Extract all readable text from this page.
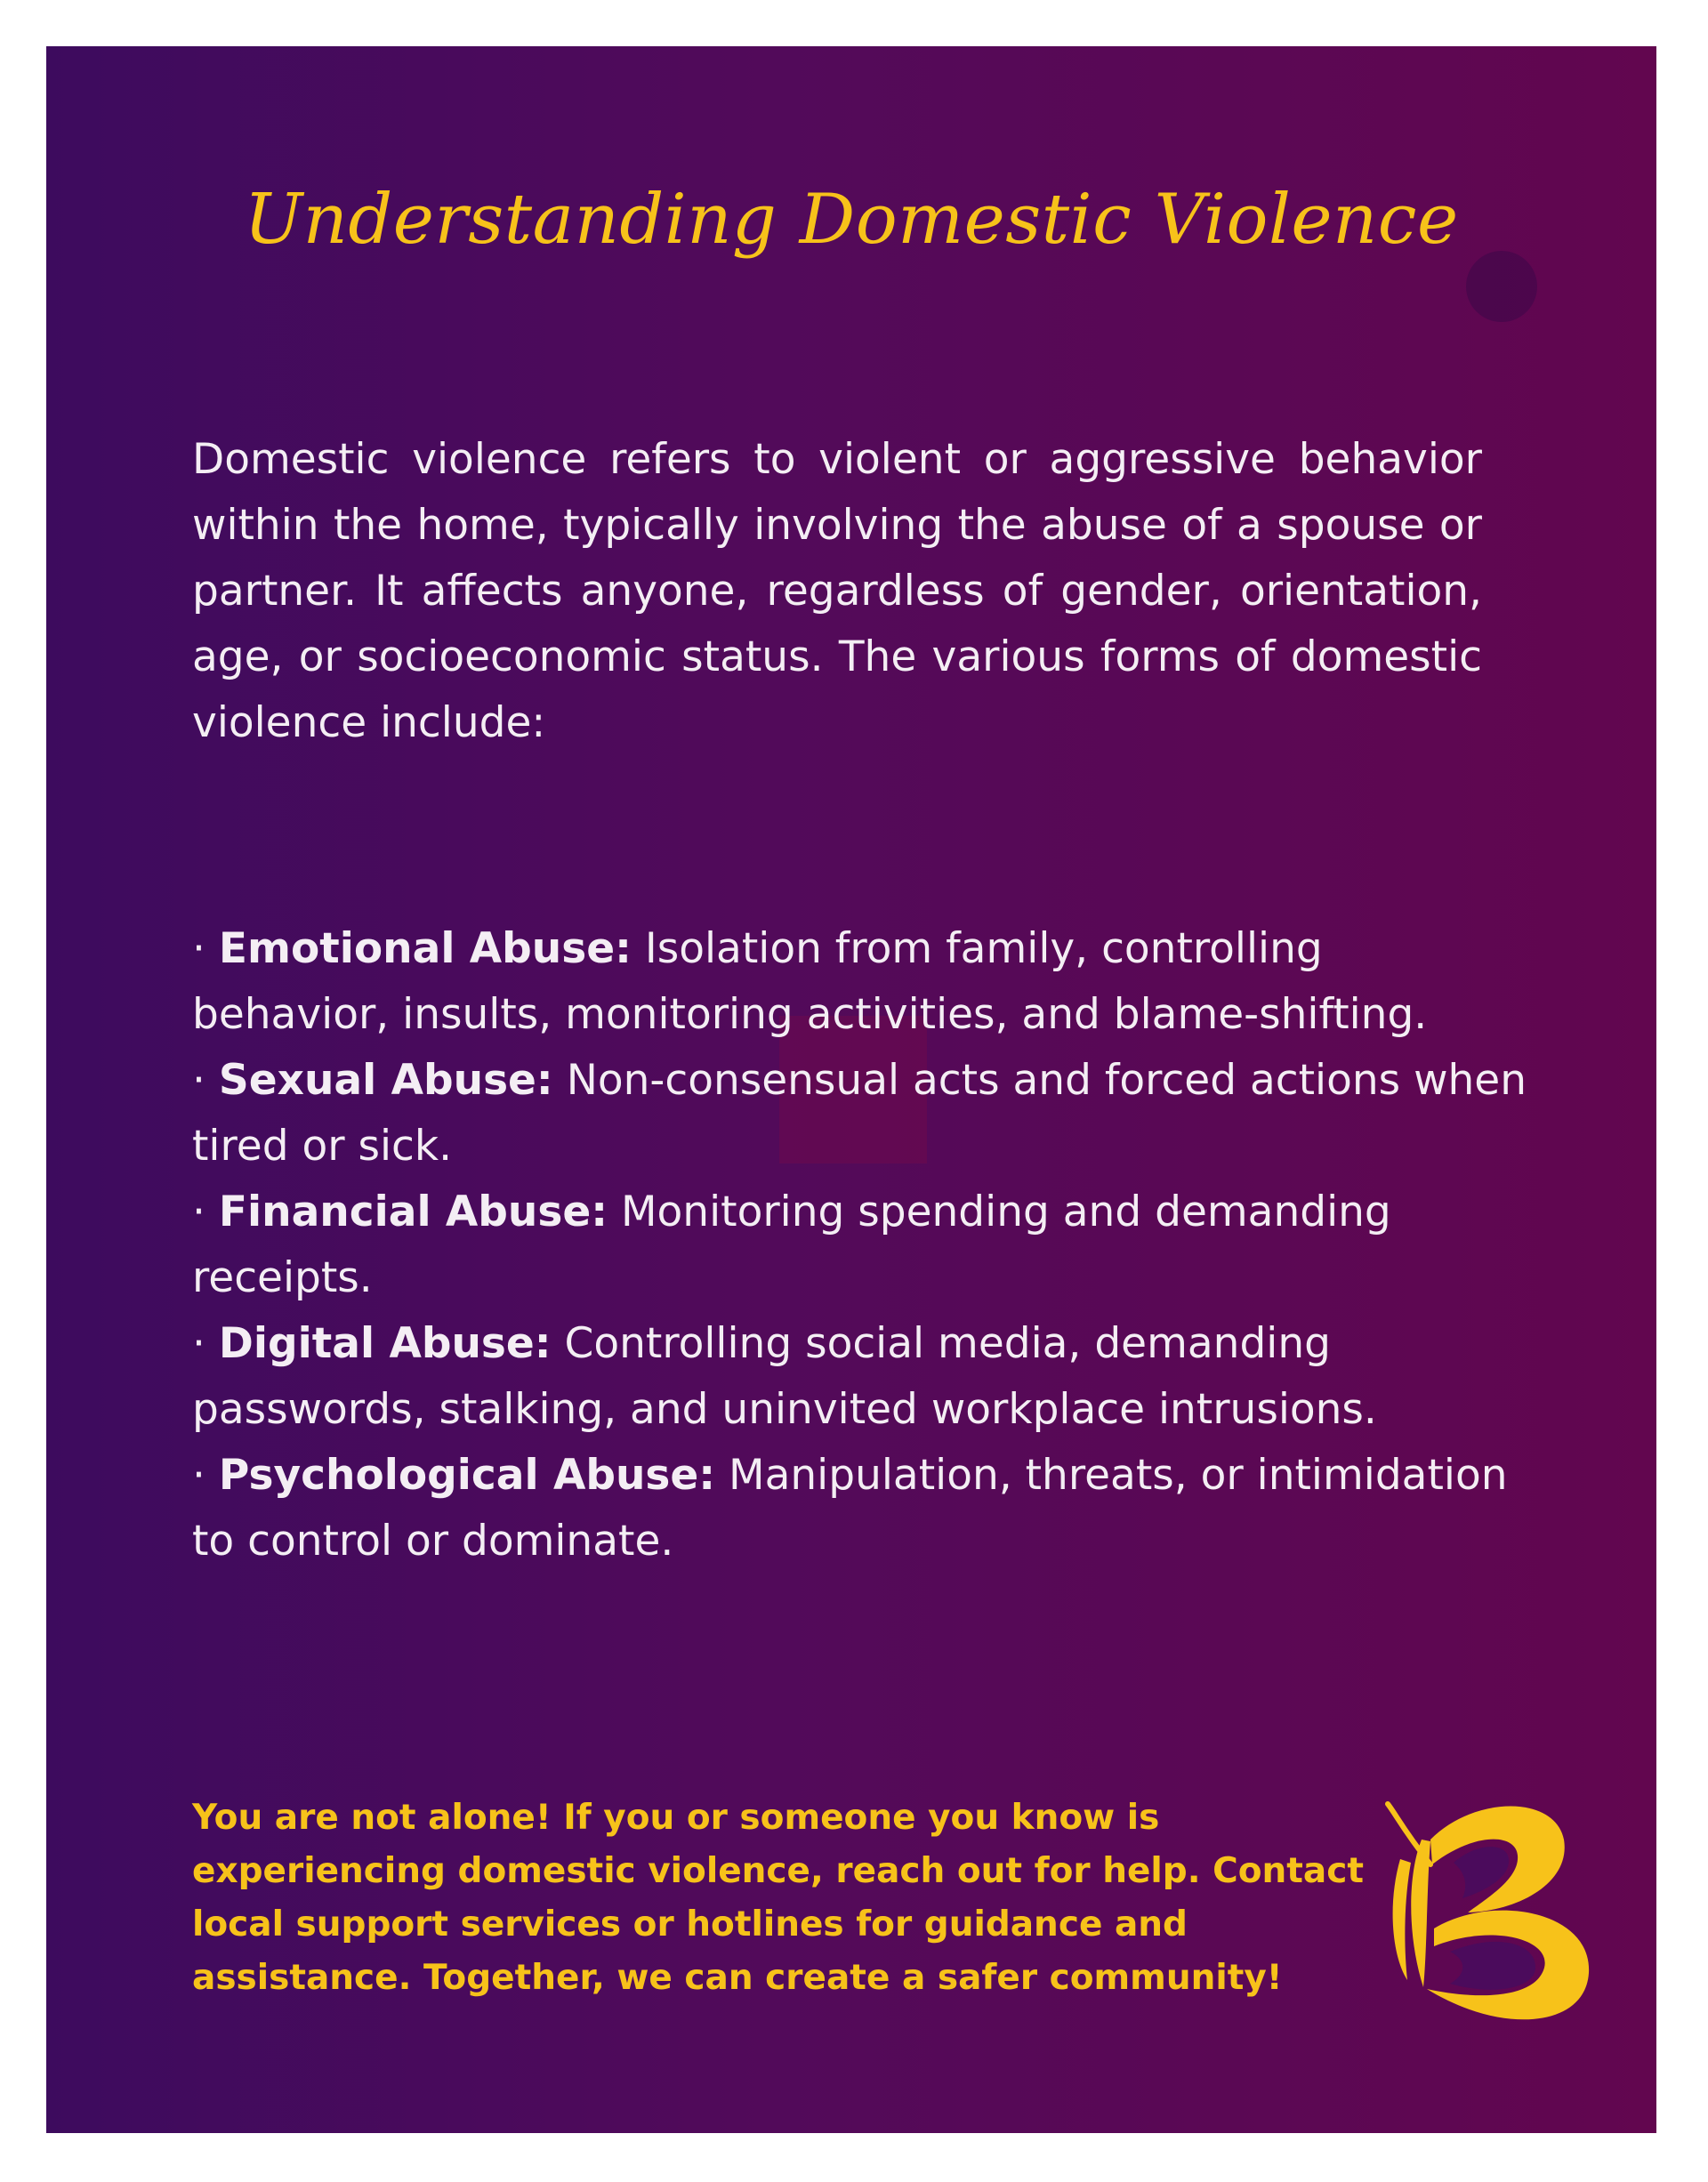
Understanding Domestic Violence

Domestic violence refers to violent or aggressive behavior within the home, typically involving the abuse of a spouse or partner. It affects anyone, regardless of gender, orientation, age, or socioeconomic status. The various forms of domestic violence include:

· Emotional Abuse: Isolation from family, controlling behavior, insults, monitoring activities, and blame-shifting.
· Sexual Abuse: Non-consensual acts and forced actions when tired or sick.
· Financial Abuse: Monitoring spending and demanding receipts.
· Digital Abuse: Controlling social media, demanding passwords, stalking, and uninvited workplace intrusions.
· Psychological Abuse: Manipulation, threats, or intimidation to control or dominate.

You are not alone! If you or someone you know is experiencing domestic violence, reach out for help. Contact local support services or hotlines for guidance and assistance. Together, we can create a safer community!
